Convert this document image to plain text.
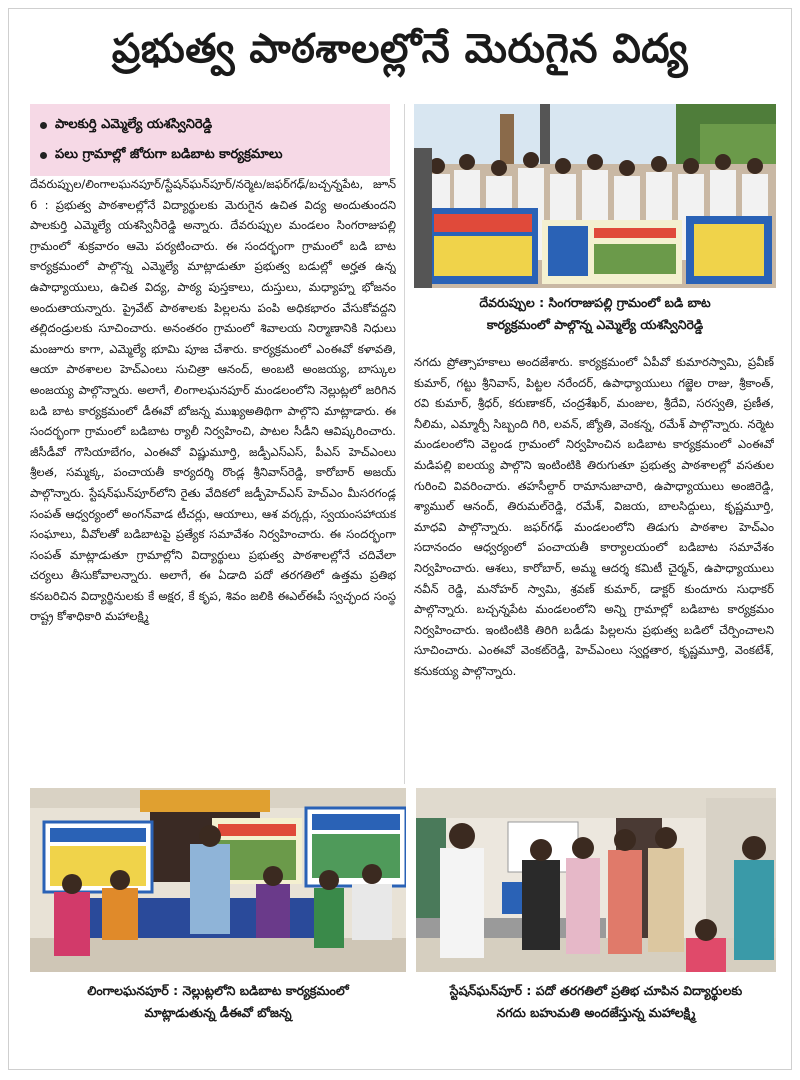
ప్రభుత్వ పాఠశాలల్లోనే మెరుగైన విద్య
పాలకుర్తి ఎమ్మెల్యే యశస్వినిరెడ్డి
పలు గ్రామాల్లో జోరుగా బడిబాట కార్యక్రమాలు

దేవరుప్పుల/లింగాలఘనపూర్/స్టేషన్‌ఘన్‌పూర్/నర్మెట/జఫర్‌గఢ్/బచ్చన్నపేట, జూన్ 6 : ప్రభుత్వ పాఠశాలల్లోనే విద్యార్థులకు మెరుగైన ఉచిత విద్య అందుతుందని పాలకుర్తి ఎమ్మెల్యే యశస్వినీరెడ్డి అన్నారు. దేవరుప్పుల మండలం సింగరాజుపల్లి గ్రామంలో శుక్రవారం ఆమె పర్యటించారు. ఈ సందర్భంగా గ్రామంలో బడి బాట కార్యక్రమంలో పాల్గొన్న ఎమ్మెల్యే మాట్లాడుతూ ప్రభుత్వ బడుల్లో అర్హత ఉన్న ఉపాధ్యాయులు, ఉచిత విద్య, పాఠ్య పుస్తకాలు, దుస్తులు, మధ్యాహ్న భోజనం అందుతాయన్నారు. ప్రైవేట్ పాఠశాలకు పిల్లలను పంపి అధికభారం వేసుకోవద్దని తల్లిదండ్రులకు సూచించారు. అనంతరం గ్రామంలో శివాలయ నిర్మాణానికి నిధులు మంజూరు కాగా, ఎమ్మెల్యే భూమి పూజ చేశారు. కార్యక్రమంలో ఎంఈవో కళావతి, ఆయా పాఠశాలల హెచ్‌ఎంలు సుచిత్రా ఆనంద్, అంబటి అంజయ్య, బాస్కుల అంజయ్య పాల్గొన్నారు. అలాగే, లింగాలఘనపూర్ మండలంలోని నెల్లుట్లలో జరిగిన బడి బాట కార్యక్రమంలో డీఈవో బోజన్న ముఖ్యఅతిథిగా పాల్గొని మాట్లాడారు. ఈ సందర్భంగా గ్రామంలో బడిబాట ర్యాలీ నిర్వహించి, పాటల సీడీని ఆవిష్కరించారు. జీసీడీవో గౌసియాబేగం, ఎంఈవో విష్ణుమూర్తి, జడ్పీఎస్‌ఎస్, పీఎస్ హెచ్‌ఎంలు శ్రీలత, సమ్మక్క, పంచాయతీ కార్యదర్శి రొండ్ల శ్రీనివాస్‌రెడ్డి, కారోబార్ అజయ్ పాల్గొన్నారు. స్టేషన్‌ఘన్‌పూర్‌లోని రైతు వేదికలో జడ్పీహెచ్‌ఎస్ హెచ్‌ఎం మీసరగండ్ల సంపత్ ఆధ్వర్యంలో అంగన్‌వాడ టీచర్లు, ఆయాలు, ఆశ వర్కర్లు, స్వయంసహాయక సంఘాలు, వీవోలతో బడిబాటపై ప్రత్యేక సమావేశం నిర్వహించారు. ఈ సందర్భంగా సంపత్ మాట్లాడుతూ గ్రామాల్లోని విద్యార్థులు ప్రభుత్వ పాఠశాలల్లోనే చదివేలా చర్యలు తీసుకోవాలన్నారు. అలాగే, ఈ ఏడాది పదో తరగతిలో ఉత్తమ ప్రతిభ కనబరిచిన విద్యార్థినులకు కే అక్షర, కే కృప, శివం జలికి ఈఎల్‌ఈపీ స్వచ్ఛంద సంస్థ రాష్ట్ర కోశాధికారి మహాలక్ష్మి

దేవరుప్పుల : సింగరాజుపల్లి గ్రామంలో బడి బాట
కార్యక్రమంలో పాల్గొన్న ఎమ్మెల్యే యశస్వినిరెడ్డి

నగదు ప్రోత్సాహకాలు అందజేశారు. కార్యక్రమంలో ఏపీవో కుమారస్వామి, ప్రవీణ్ కుమార్, గట్టు శ్రీనివాస్, పిట్టల నరేందర్, ఉపాధ్యాయులు గజ్జెల రాజు, శ్రీకాంత్, రవి కుమార్, శ్రీధర్, కరుణాకర్, చంద్రశేఖర్, మంజుల, శ్రీదేవి, సరస్వతి, ప్రణీత, నీలిమ, ఎమ్మార్పీ సిబ్బంది గిరి, లవన్, జ్యోతి, వెంకన్న, రమేశ్ పాల్గొన్నారు. నర్మెట మండలంలోని వెల్దండ గ్రామంలో నిర్వహించిన బడిబాట కార్యక్రమంలో ఎంఈవో మడిపల్లి ఐలయ్య పాల్గొని ఇంటింటికి తిరుగుతూ ప్రభుత్వ పాఠశాలల్లో వసతుల గురించి వివరించారు. తహసీల్దార్ రామానుజాచారి, ఉపాధ్యాయులు అంజిరెడ్డి, శ్యాముల్ ఆనంద్, తిరుమల్‌రెడ్డి, రమేశ్, విజయ, బాలసిద్దులు, కృష్ణమూర్తి, మాధవి పాల్గొన్నారు. జఫర్‌గఢ్ మండలంలోని తిడుగు పాఠశాల హెచ్‌ఎం సదానందం ఆధ్వర్యంలో పంచాయతీ కార్యాలయంలో బడిబాట సమావేశం నిర్వహించారు. ఆశలు, కారోబార్, అమ్మ ఆదర్శ కమిటీ చైర్మన్, ఉపాధ్యాయులు నవీన్ రెడ్డి, మనోహర్ స్వామి, శ్రవణ్ కుమార్, డాక్టర్ కుందూరు సుధాకర్ పాల్గొన్నారు. బచ్చన్నపేట మండలంలోని అన్ని గ్రామాల్లో బడిబాట కార్యక్రమం నిర్వహించారు. ఇంటింటికి తిరిగి బడీడు పిల్లలను ప్రభుత్వ బడిలో చేర్పించాలని సూచించారు. ఎంఈవో వెంకట్‌రెడ్డి, హెచ్‌ఎంలు స్వర్ణతార, కృష్ణమూర్తి, వెంకటేశ్, కనుకయ్య పాల్గొన్నారు.

లింగాలఘనపూర్ : నెల్లుట్లలోని బడిబాట కార్యక్రమంలో
మాట్లాడుతున్న డీఈవో బోజన్న
స్టేషన్‌ఘన్‌పూర్ : పదో తరగతిలో ప్రతిభ చూపిన విద్యార్థులకు
నగదు బహుమతి అందజేస్తున్న మహాలక్ష్మి
